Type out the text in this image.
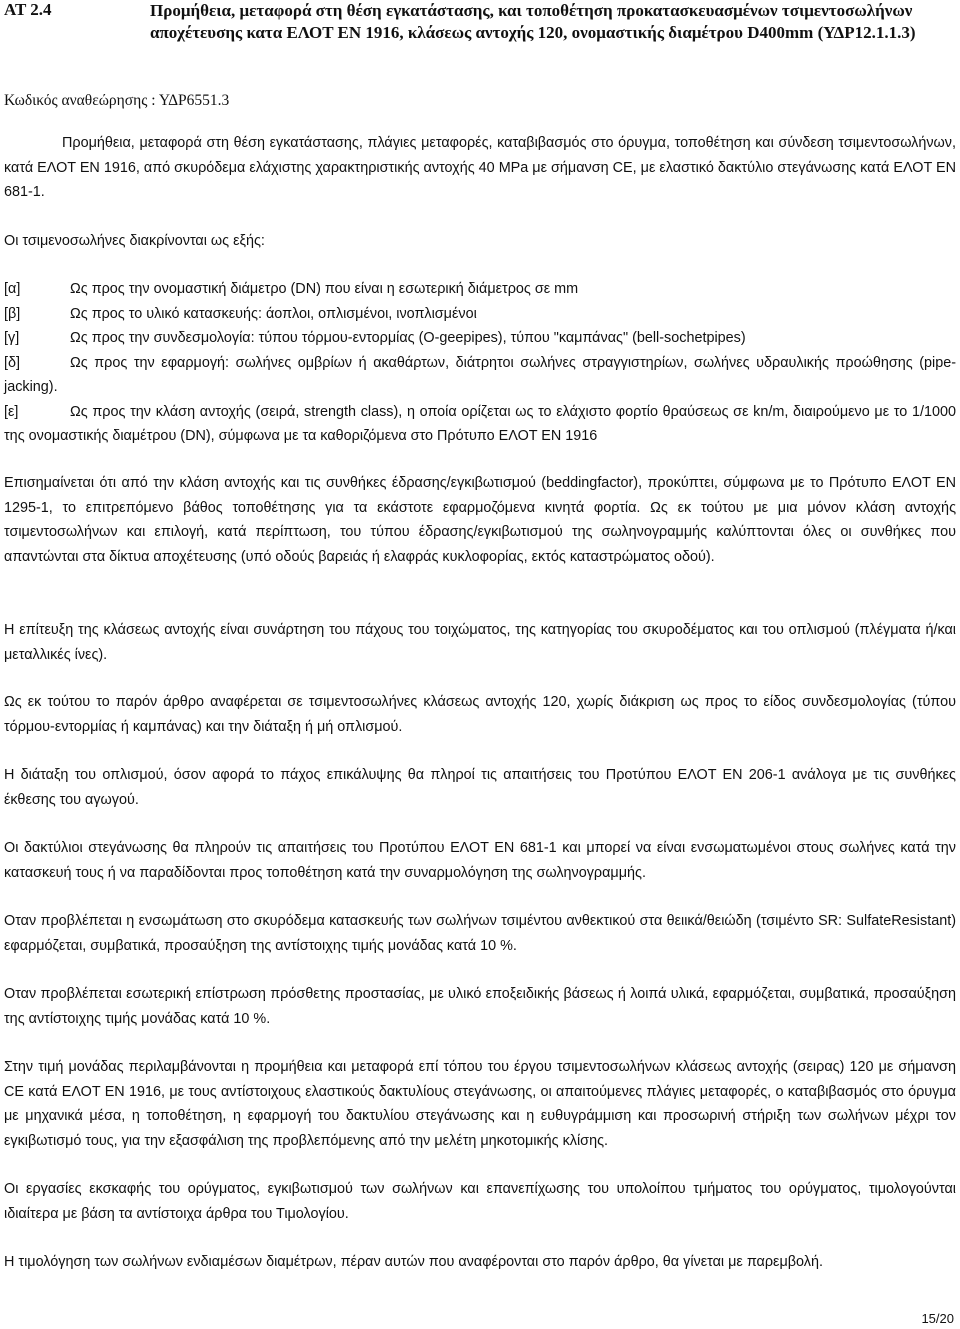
AT 2.4	Προμήθεια, μεταφορά στη θέση εγκατάστασης, και τοποθέτηση προκατασκευασμένων τσιμεντοσωλήνων αποχέτευσης κατα ΕΛΟΤ ΕΝ 1916, κλάσεως αντοχής 120, ονομαστικής διαμέτρου D400mm (ΥΔΡ12.1.1.3)
Κωδικός αναθεώρησης : ΥΔΡ6551.3

Προμήθεια, μεταφορά στη θέση εγκατάστασης, πλάγιες μεταφορές, καταβιβασμός στο όρυγμα, τοποθέτηση και σύνδεση τσιμεντοσωλήνων, κατά ΕΛΟΤ ΕΝ 1916, από σκυρόδεμα ελάχιστης χαρακτηριστικής αντοχής 40 MPa με σήμανση CE, με ελαστικό δακτύλιο στεγάνωσης κατά ΕΛΟΤ ΕΝ 681-1.

Οι τσιμενοσωλήνες διακρίνονται ως εξής:

[α]	Ως προς την ονομαστική διάμετρο (DN) που είναι η εσωτερική διάμετρος σε mm

[β]	Ως προς το υλικό κατασκευής: άοπλοι, οπλισμένοι, ινοπλισμένοι

[γ]	Ως προς την συνδεσμολογία: τύπου τόρμου-εντορμίας (O-geepipes), τύπου "καμπάνας" (bell-sochetpipes)

[δ]	Ως προς την εφαρμογή: σωλήνες ομβρίων ή ακαθάρτων, διάτρητοι σωλήνες στραγγιστηρίων, σωλήνες υδραυλικής προώθησης (pipe-jacking).

[ε]	Ως προς την κλάση αντοχής (σειρά, strength class), η οποία ορίζεται ως το ελάχιστο φορτίο θραύσεως σε kn/m, διαιρούμενο με το 1/1000 της ονομαστικής διαμέτρου (DN), σύμφωνα με τα καθοριζόμενα στο Πρότυπο ΕΛΟΤ ΕΝ 1916

Επισημαίνεται ότι από την κλάση αντοχής και τις συνθήκες έδρασης/εγκιβωτισμού (beddingfactor), προκύπτει, σύμφωνα με το Πρότυπο ΕΛΟΤ ΕΝ 1295-1, το επιτρεπόμενο βάθος τοποθέτησης για τα εκάστοτε εφαρμοζόμενα κινητά φορτία. Ως εκ τούτου με μια μόνον κλάση αντοχής τσιμεντοσωλήνων και επιλογή, κατά περίπτωση, του τύπου έδρασης/εγκιβωτισμού της σωληνογραμμής καλύπτονται όλες οι συνθήκες που απαντώνται στα δίκτυα αποχέτευσης (υπό οδούς βαρειάς ή ελαφράς κυκλοφορίας, εκτός καταστρώματος οδού).

Η επίτευξη της κλάσεως αντοχής είναι συνάρτηση του πάχους του τοιχώματος, της κατηγορίας του σκυροδέματος και του οπλισμού (πλέγματα ή/και μεταλλικές ίνες).

Ως εκ τούτου το παρόν άρθρο αναφέρεται σε τσιμεντοσωλήνες κλάσεως αντοχής 120, χωρίς διάκριση ως προς το είδος συνδεσμολογίας (τύπου τόρμου-εντορμίας ή καμπάνας) και την διάταξη ή μή οπλισμού.

Η διάταξη του οπλισμού, όσον αφορά το πάχος επικάλυψης θα πληροί τις απαιτήσεις του Προτύπου ΕΛΟΤ ΕΝ 206-1 ανάλογα με τις συνθήκες έκθεσης του αγωγού.

Οι δακτύλιοι στεγάνωσης θα πληρούν τις απαιτήσεις του Προτύπου ΕΛΟΤ ΕΝ 681-1 και μπορεί να είναι ενσωματωμένοι στους σωλήνες κατά την κατασκευή τους ή να παραδίδονται προς τοποθέτηση κατά την συναρμολόγηση της σωληνογραμμής.

Οταν προβλέπεται η ενσωμάτωση στο σκυρόδεμα κατασκευής των σωλήνων τσιμέντου ανθεκτικού στα θειικά/θειώδη (τσιμέντο SR: SulfateResistant) εφαρμόζεται, συμβατικά, προσαύξηση της αντίστοιχης τιμής μονάδας κατά 10 %.

Οταν προβλέπεται εσωτερική επίστρωση πρόσθετης προστασίας, με υλικό εποξειδικής βάσεως ή λοιπά υλικά, εφαρμόζεται, συμβατικά, προσαύξηση της αντίστοιχης τιμής μονάδας κατά 10 %.

Στην τιμή μονάδας περιλαμβάνονται η προμήθεια και μεταφορά επί τόπου του έργου τσιμεντοσωλήνων κλάσεως αντοχής (σειρας) 120 με σήμανση CE κατά ΕΛΟΤ ΕΝ 1916, με τους αντίστοιχους ελαστικούς δακτυλίους στεγάνωσης, οι απαιτούμενες πλάγιες μεταφορές, ο καταβιβασμός στο όρυγμα με μηχανικά μέσα, η τοποθέτηση, η εφαρμογή του δακτυλίου στεγάνωσης και η ευθυγράμμιση και προσωρινή στήριξη των σωλήνων μέχρι τον εγκιβωτισμό τους, για την εξασφάλιση της προβλεπόμενης από την μελέτη μηκοτομικής κλίσης.

Οι εργασίες εκσκαφής του ορύγματος, εγκιβωτισμού των σωλήνων και επανεπίχωσης του υπολοίπου τμήματος του ορύγματος, τιμολογούνται ιδιαίτερα με βάση τα αντίστοιχα άρθρα του Τιμολογίου.

Η τιμολόγηση των σωλήνων ενδιαμέσων διαμέτρων, πέραν αυτών που αναφέρονται στο παρόν άρθρο, θα γίνεται με παρεμβολή.

15/20
